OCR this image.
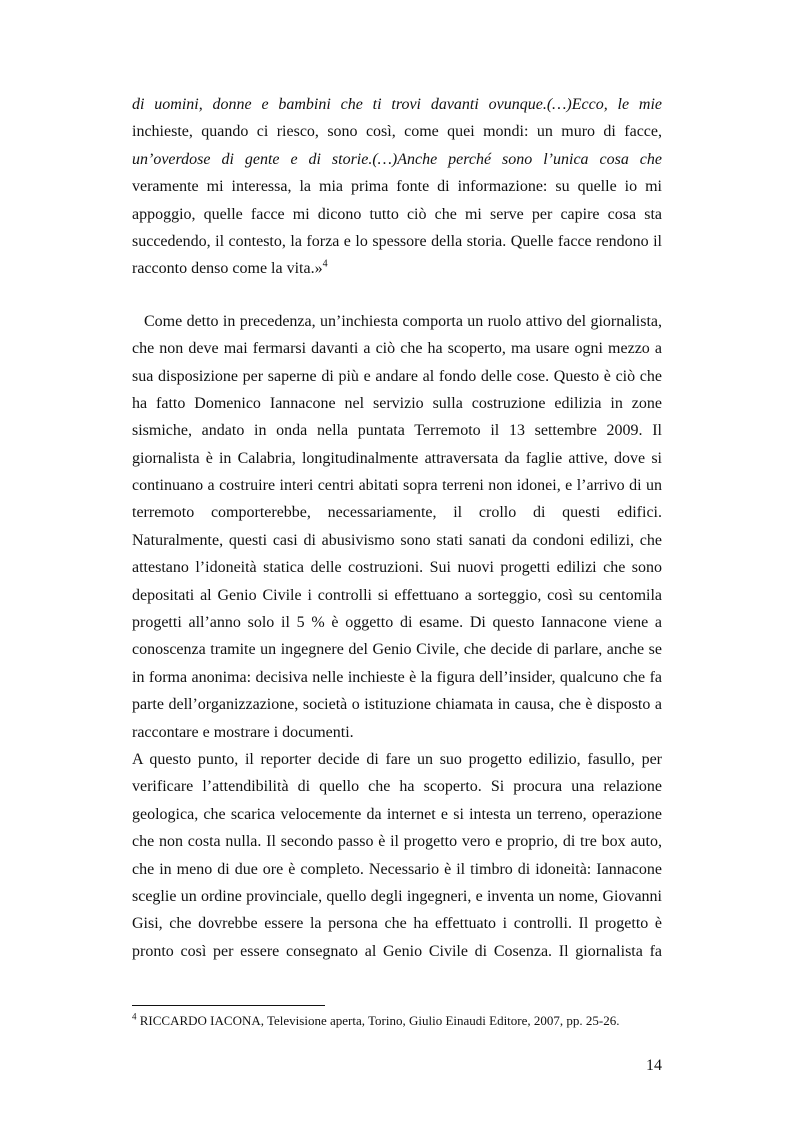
di uomini, donne e bambini che ti trovi davanti ovunque.(…)Ecco, le mie
inchieste, quando ci riesco, sono così, come quei mondi: un muro di facce,
un’overdose di gente e di storie.(…)Anche perché sono l’unica cosa che
veramente mi interessa, la mia prima fonte di informazione: su quelle io mi
appoggio, quelle facce mi dicono tutto ciò che mi serve per capire cosa sta
succedendo, il contesto, la forza e lo spessore della storia. Quelle facce rendono il
racconto denso come la vita.»$^4$
Come detto in precedenza, un’inchiesta comporta un ruolo attivo del giornalista,
che non deve mai fermarsi davanti a ciò che ha scoperto, ma usare ogni mezzo a
sua disposizione per saperne di più e andare al fondo delle cose. Questo è ciò che
ha fatto Domenico Iannacone nel servizio sulla costruzione edilizia in zone
sismiche, andato in onda nella puntata Terremoto il 13 settembre 2009. Il
giornalista è in Calabria, longitudinalmente attraversata da faglie attive, dove si
continuano a costruire interi centri abitati sopra terreni non idonei, e l’arrivo di un
terremoto comporterebbe, necessariamente, il crollo di questi edifici.
Naturalmente, questi casi di abusivismo sono stati sanati da condoni edilizi, che
attestano l’idoneità statica delle costruzioni. Sui nuovi progetti edilizi che sono
depositati al Genio Civile i controlli si effettuano a sorteggio, così su centomila
progetti all’anno solo il 5 % è oggetto di esame. Di questo Iannacone viene a
conoscenza tramite un ingegnere del Genio Civile, che decide di parlare, anche se
in forma anonima: decisiva nelle inchieste è la figura dell’insider, qualcuno che fa
parte dell’organizzazione, società o istituzione chiamata in causa, che è disposto a
raccontare e mostrare i documenti.
A questo punto, il reporter decide di fare un suo progetto edilizio, fasullo, per
verificare l’attendibilità di quello che ha scoperto. Si procura una relazione
geologica, che scarica velocemente da internet e si intesta un terreno, operazione
che non costa nulla. Il secondo passo è il progetto vero e proprio, di tre box auto,
che in meno di due ore è completo. Necessario è il timbro di idoneità: Iannacone
sceglie un ordine provinciale, quello degli ingegneri, e inventa un nome, Giovanni
Gisi, che dovrebbe essere la persona che ha effettuato i controlli. Il progetto è
pronto così per essere consegnato al Genio Civile di Cosenza. Il giornalista fa
$^4$ RICCARDO IACONA, Televisione aperta, Torino, Giulio Einaudi Editore, 2007, pp. 25-26.
14
